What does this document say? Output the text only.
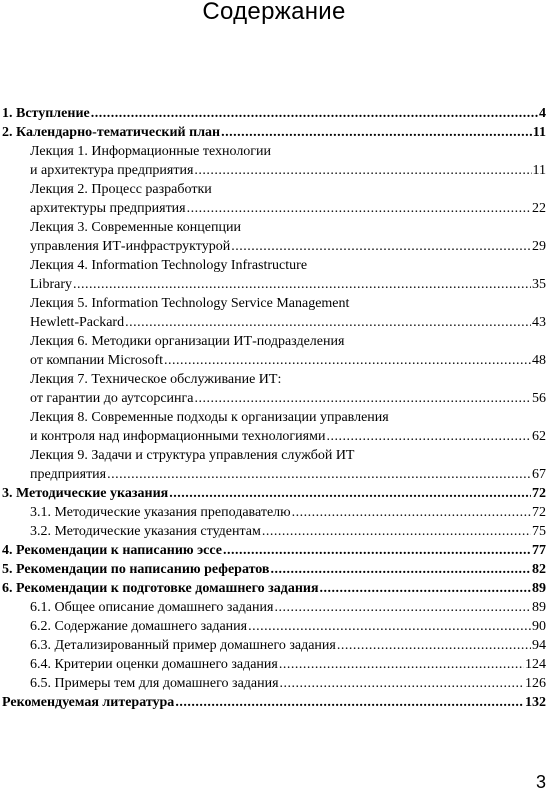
Содержание
1. Вступление .....	4
2. Календарно-тематический план .....	11
Лекция 1. Информационные технологии
и архитектура предприятия .....	11
Лекция 2. Процесс разработки
архитектуры предприятия .....	22
Лекция 3. Современные концепции
управления ИТ-инфраструктурой .....	29
Лекция 4. Information Technology Infrastructure
Library .....	35
Лекция 5. Information Technology Service Management
Hewlett-Packard .....	43
Лекция 6. Методики организации ИТ-подразделения
от компании Microsoft .....	48
Лекция 7. Техническое обслуживание ИТ:
от гарантии до аутсорсинга .....	56
Лекция 8. Современные подходы к организации управления
и контроля над информационными технологиями .....	62
Лекция 9. Задачи и структура управления службой ИТ
предприятия .....	67
3. Методические указания .....	72
3.1. Методические указания преподавателю .....	72
3.2. Методические указания студентам .....	75
4. Рекомендации к написанию эссе .....	77
5. Рекомендации по написанию рефератов .....	82
6. Рекомендации к подготовке домашнего задания .....	89
6.1. Общее описание домашнего задания .....	89
6.2. Содержание домашнего задания .....	90
6.3. Детализированный пример домашнего задания .....	94
6.4. Критерии оценки домашнего задания .....	124
6.5. Примеры тем для домашнего задания .....	126
Рекомендуемая литература .....	132
3
